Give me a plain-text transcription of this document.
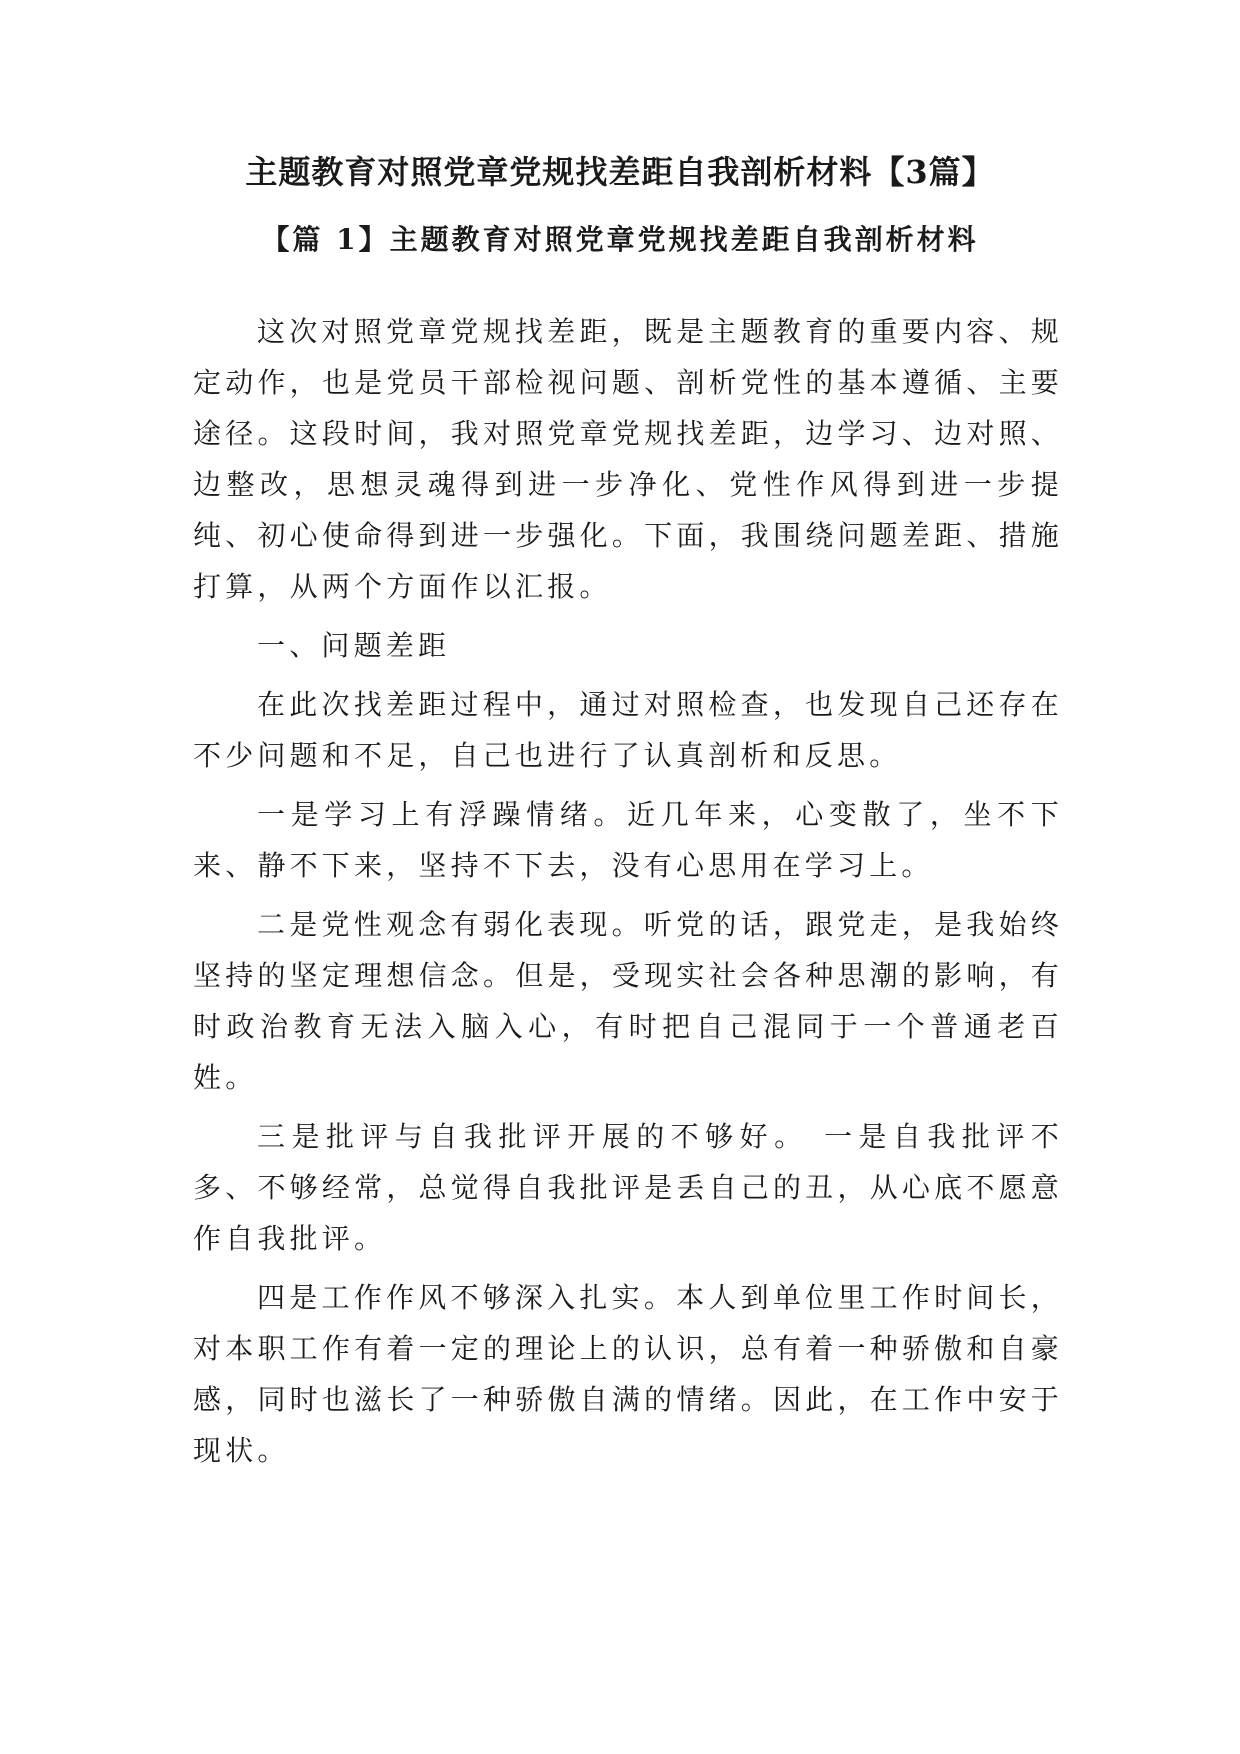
主题教育对照党章党规找差距自我剖析材料【3篇】
【篇 1】主题教育对照党章党规找差距自我剖析材料

这次对照党章党规找差距，既是主题教育的重要内容、规定动作，也是党员干部检视问题、剖析党性的基本遵循、主要途径。这段时间，我对照党章党规找差距，边学习、边对照、边整改，思想灵魂得到进一步净化、党性作风得到进一步提纯、初心使命得到进一步强化。下面，我围绕问题差距、措施打算，从两个方面作以汇报。

一、问题差距

在此次找差距过程中，通过对照检查，也发现自己还存在不少问题和不足，自己也进行了认真剖析和反思。

一是学习上有浮躁情绪。近几年来，心变散了，坐不下来、静不下来，坚持不下去，没有心思用在学习上。

二是党性观念有弱化表现。听党的话，跟党走，是我始终坚持的坚定理想信念。但是，受现实社会各种思潮的影响，有时政治教育无法入脑入心，有时把自己混同于一个普通老百姓。

三是批评与自我批评开展的不够好。 一是自我批评不多、不够经常，总觉得自我批评是丢自己的丑，从心底不愿意作自我批评。

四是工作作风不够深入扎实。本人到单位里工作时间长，对本职工作有着一定的理论上的认识，总有着一种骄傲和自豪感，同时也滋长了一种骄傲自满的情绪。因此，在工作中安于现状。
